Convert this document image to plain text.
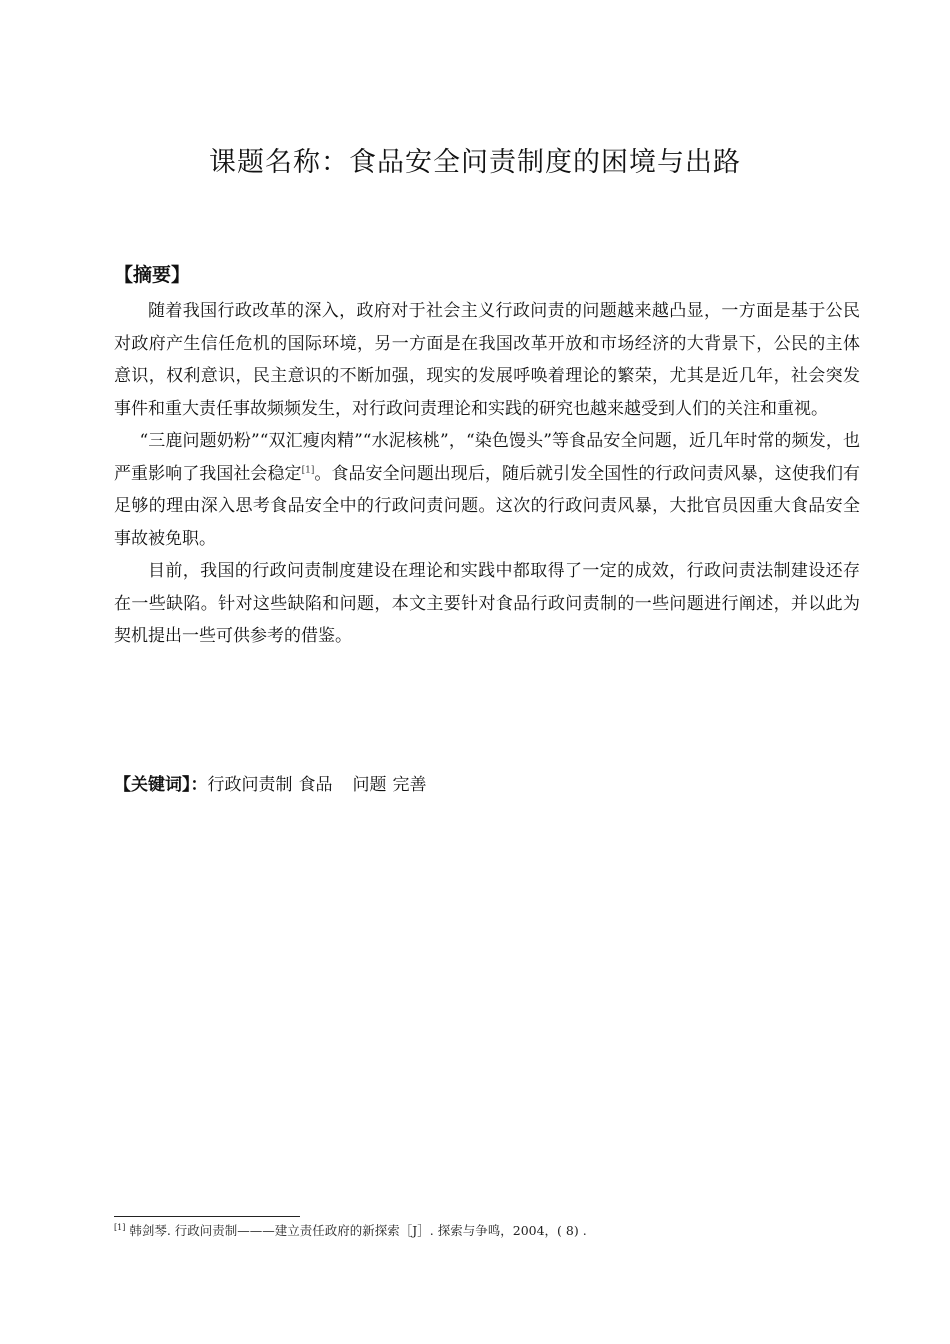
课题名称：食品安全问责制度的困境与出路
【摘要】

随着我国行政改革的深入，政府对于社会主义行政问责的问题越来越凸显，一方面是基于公民对政府产生信任危机的国际环境，另一方面是在我国改革开放和市场经济的大背景下，公民的主体意识，权利意识，民主意识的不断加强，现实的发展呼唤着理论的繁荣，尤其是近几年，社会突发事件和重大责任事故频频发生，对行政问责理论和实践的研究也越来越受到人们的关注和重视。

“三鹿问题奶粉”“双汇瘦肉精”“水泥核桃”，“染色馒头”等食品安全问题，近几年时常的频发，也严重影响了我国社会稳定[1]。食品安全问题出现后，随后就引发全国性的行政问责风暴，这使我们有足够的理由深入思考食品安全中的行政问责问题。这次的行政问责风暴，大批官员因重大食品安全事故被免职。

目前，我国的行政问责制度建设在理论和实践中都取得了一定的成效，行政问责法制建设还存在一些缺陷。针对这些缺陷和问题，本文主要针对食品行政问责制的一些问题进行阐述，并以此为契机提出一些可供参考的借鉴。

【关键词】：行政问责制 食品 问题 完善
[1] 韩剑琴. 行政问责制———建立责任政府的新探索［J］. 探索与争鸣，2004，( 8) .
